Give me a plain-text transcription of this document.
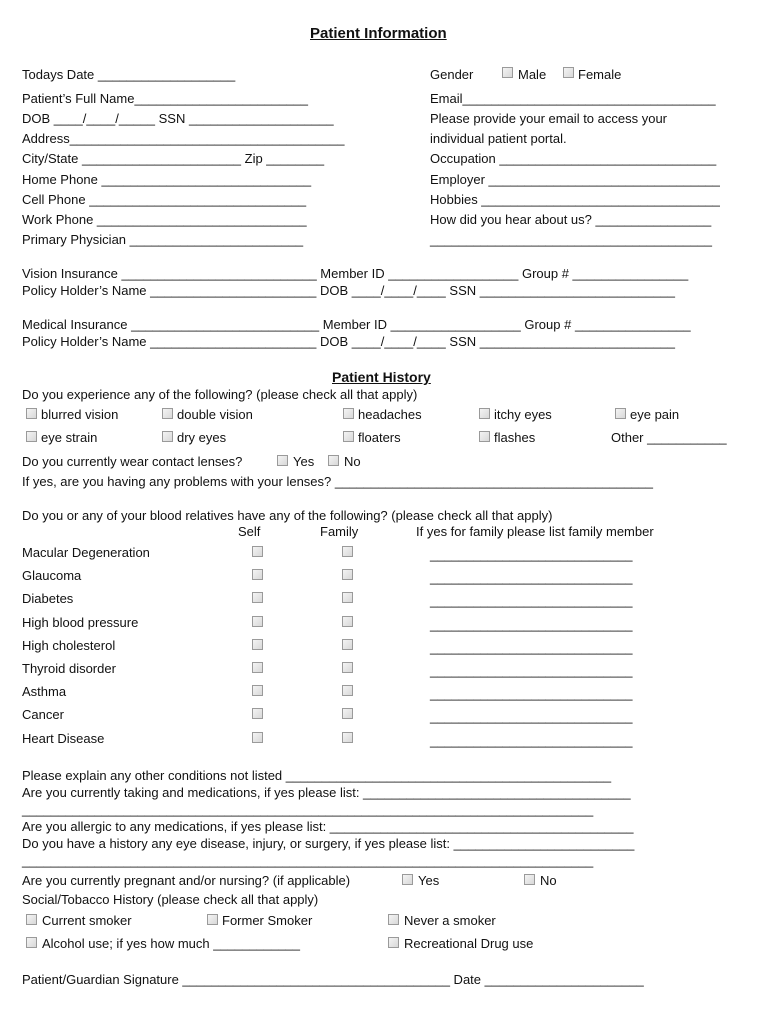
Patient Information
Todays Date ___________________
Patient’s Full Name________________________
DOB ____/____/_____ SSN ____________________
Address______________________________________
City/State ______________________ Zip ________
Home Phone _____________________________
Cell Phone ______________________________
Work Phone _____________________________
Primary Physician ________________________
Gender	Male Female
Email___________________________________
Please provide your email to access your
individual patient portal.
Occupation ______________________________
Employer ________________________________
Hobbies _________________________________
How did you hear about us? ________________
_______________________________________
Vision Insurance ___________________________ Member ID __________________ Group # ________________
Policy Holder’s Name _______________________ DOB ____/____/____ SSN ___________________________
Medical Insurance __________________________ Member ID __________________ Group # ________________
Policy Holder’s Name _______________________ DOB ____/____/____ SSN ___________________________
Patient History
Do you experience any of the following? (please check all that apply)
blurred vision	double vision	headaches	itchy eyes	eye pain
eye strain	dry eyes	floaters	flashes	Other ___________
Do you currently wear contact lenses?	Yes No
If yes, are you having any problems with your lenses? ____________________________________________
Do you or any of your blood relatives have any of the following? (please check all that apply)
Self	Family	If yes for family please list family member
Macular Degeneration	____________________________
Glaucoma	____________________________
Diabetes	____________________________
High blood pressure	____________________________
High cholesterol	____________________________
Thyroid disorder	____________________________
Asthma	____________________________
Cancer	____________________________
Heart Disease	____________________________
Please explain any other conditions not listed _____________________________________________
Are you currently taking and medications, if yes please list: _____________________________________
_______________________________________________________________________________
Are you allergic to any medications, if yes please list: __________________________________________
Do you have a history any eye disease, injury, or surgery, if yes please list: _________________________
_______________________________________________________________________________
Are you currently pregnant and/or nursing? (if applicable)	Yes	No
Social/Tobacco History (please check all that apply)
Current smoker	Former Smoker	Never a smoker
Alcohol use; if yes how much ____________	Recreational Drug use
Patient/Guardian Signature _____________________________________ Date ______________________
